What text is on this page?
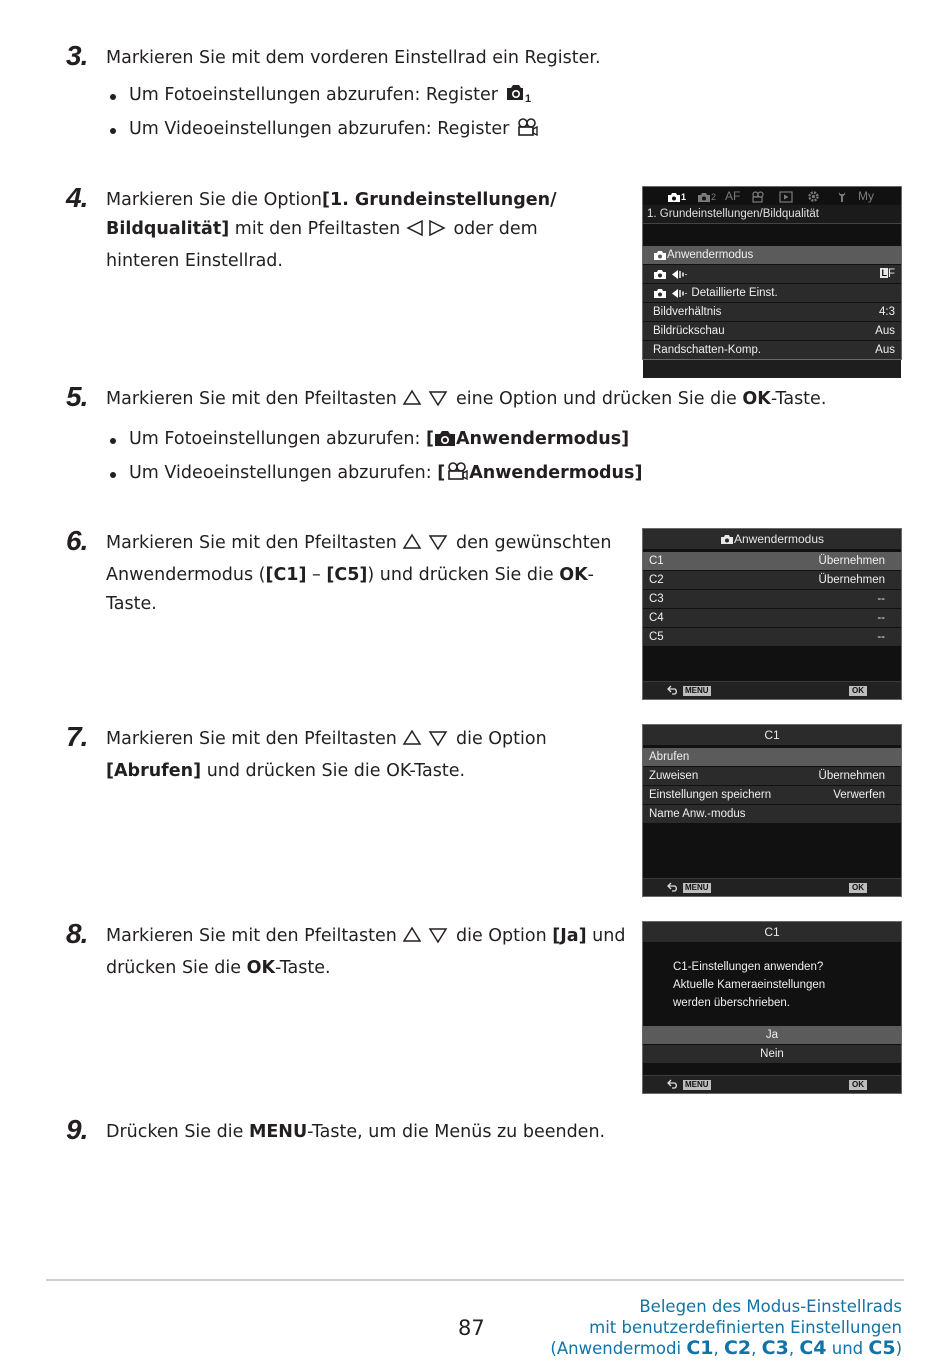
3. Markieren Sie mit dem vorderen Einstellrad ein Register.
Um Fotoeinstellungen abzurufen: Register 1
Um Videoeinstellungen abzurufen: Register
4. Markieren Sie die Option[1. Grundeinstellungen/ Bildqualität] mit den Pfeiltasten	oder dem hinteren Einstellrad.
1	2 AF	My
1. Grundeinstellungen/Bildqualität
Anwendermodus

LF
Detaillierte Einst.
Bildverhältnis	4:3
Bildrückschau	Aus
Randschatten-Komp.	Aus
5. Markieren Sie mit den Pfeiltasten	eine Option und drücken Sie die OK-Taste.
Um Fotoeinstellungen abzurufen: [ Anwendermodus]
Um Videoeinstellungen abzurufen: [ Anwendermodus]
6. Markieren Sie mit den Pfeiltasten	den gewünschten Anwendermodus ([C1] – [C5]) und drücken Sie die OK-Taste.
Anwendermodus
C1	Übernehmen
C2	Übernehmen
C3	--
C4	--
C5	--
MENU	OK
7. Markieren Sie mit den Pfeiltasten	die Option [Abrufen] und drücken Sie die OK-Taste.
C1
Abrufen
Zuweisen	Übernehmen
Einstellungen speichern	Verwerfen
Name Anw.-modus
MENU	OK
8. Markieren Sie mit den Pfeiltasten	die Option [Ja] und drücken Sie die OK-Taste.
C1
C1-Einstellungen anwenden?
Aktuelle Kameraeinstellungen
werden überschrieben.
Ja
Nein
MENU	OK
9. Drücken Sie die MENU-Taste, um die Menüs zu beenden.
87
Belegen des Modus-Einstellrads
mit benutzerdefinierten Einstellungen
(Anwendermodi C1, C2, C3, C4 und C5)
